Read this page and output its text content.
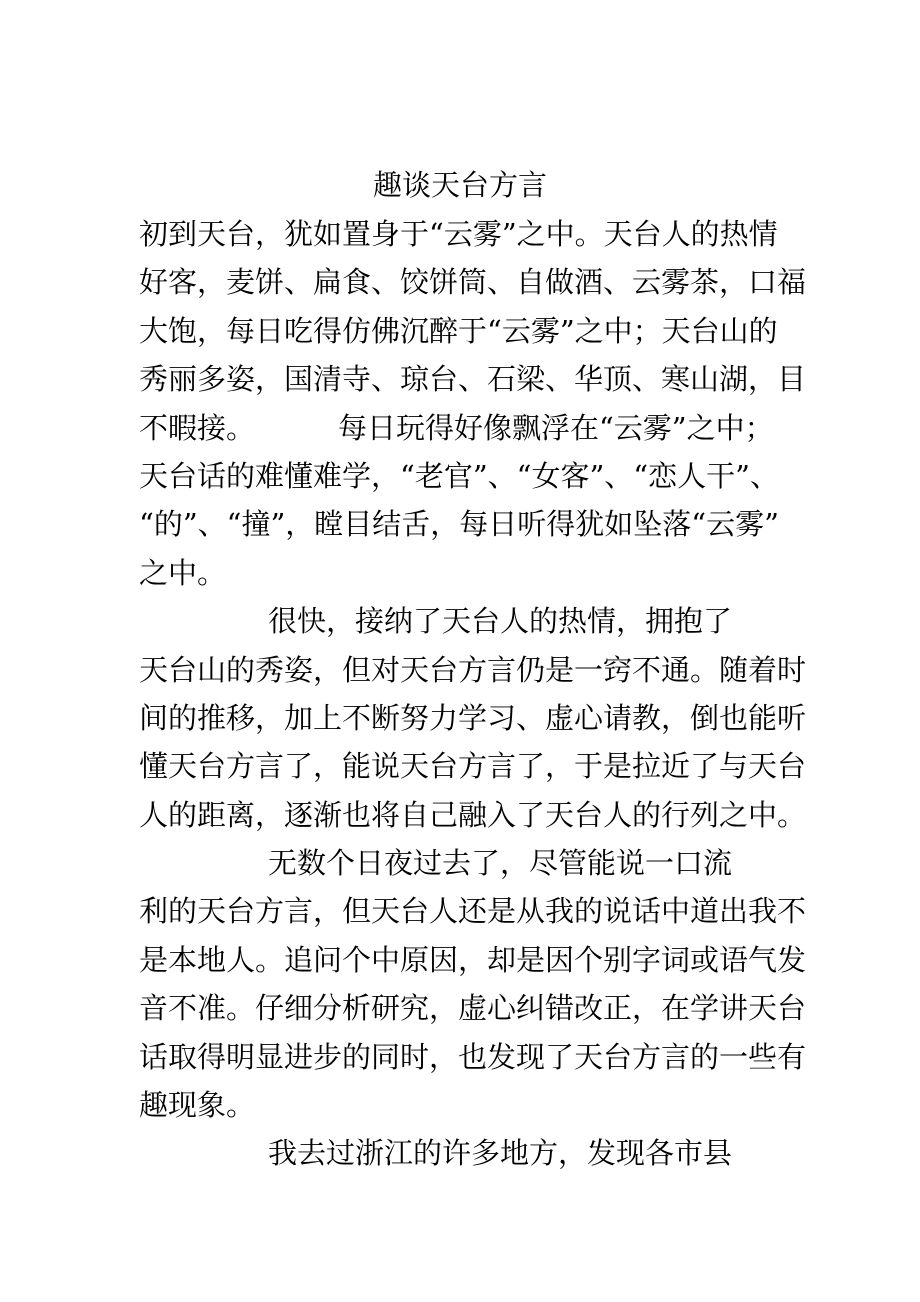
趣谈天台方言
初到天台，犹如置身于“云雾”之中。天台人的热情
好客，麦饼、扁食、饺饼筒、自做酒、云雾茶，口福
大饱，每日吃得仿佛沉醉于“云雾”之中；天台山的
秀丽多姿，国清寺、琼台、石梁、华顶、寒山湖，目
不暇接。         每日玩得好像飘浮在“云雾”之中；
天台话的难懂难学，“老官”、“女客”、“恋人干”、
“的”、“撞”，瞠目结舌，每日听得犹如坠落“云雾”
之中。
很快，接纳了天台人的热情，拥抱了
天台山的秀姿，但对天台方言仍是一窍不通。随着时
间的推移，加上不断努力学习、虚心请教，倒也能听
懂天台方言了，能说天台方言了，于是拉近了与天台
人的距离，逐渐也将自己融入了天台人的行列之中。
无数个日夜过去了，尽管能说一口流
利的天台方言，但天台人还是从我的说话中道出我不
是本地人。追问个中原因，却是因个别字词或语气发
音不准。仔细分析研究，虚心纠错改正，在学讲天台
话取得明显进步的同时，也发现了天台方言的一些有
趣现象。
我去过浙江的许多地方，发现各市县
